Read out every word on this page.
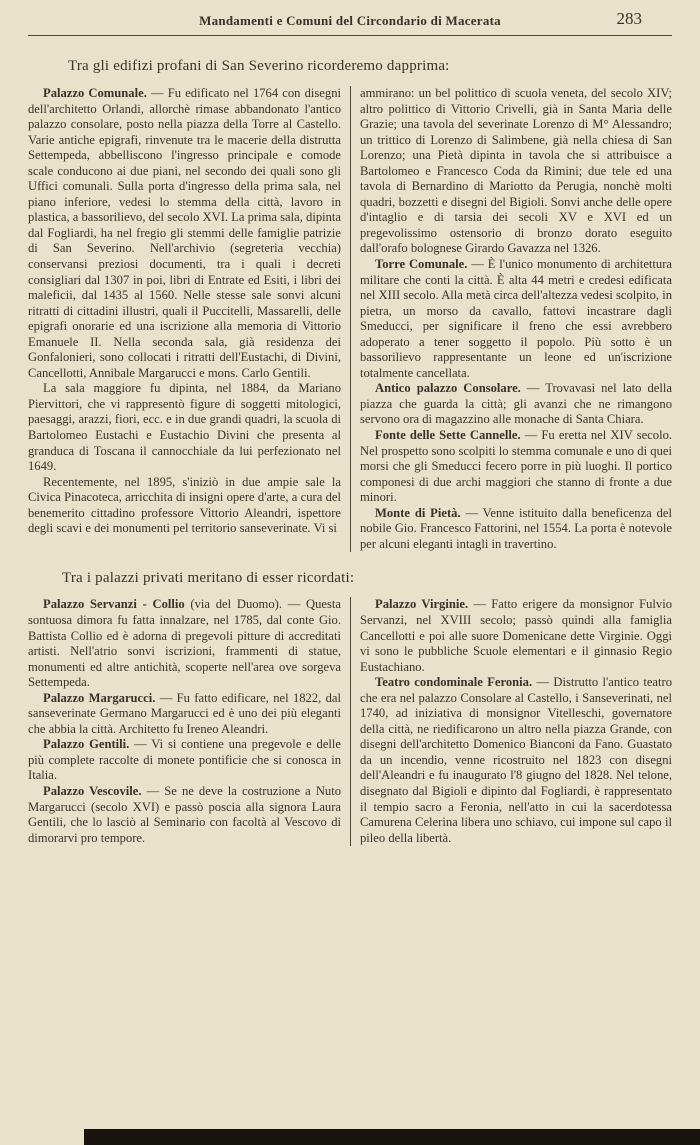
Mandamenti e Comuni del Circondario di Macerata	283
Tra gli edifizi profani di San Severino ricorderemo dapprima:

Palazzo Comunale. — Fu edificato nel 1764 con disegni dell'architetto Orlandi, allorchè rimase abbandonato l'antico palazzo consolare, posto nella piazza della Torre al Castello. Varie antiche epigrafi, rinvenute tra le macerie della distrutta Settempeda, abbelliscono l'ingresso principale e comode scale conducono ai due piani, nel secondo dei quali sono gli Uffici comunali. Sulla porta d'ingresso della prima sala, nel piano inferiore, vedesi lo stemma della città, lavoro in plastica, a bassorilievo, del secolo XVI. La prima sala, dipinta dal Fogliardi, ha nel fregio gli stemmi delle famiglie patrizie di San Severino. Nell'archivio (segreteria vecchia) conservansi preziosi documenti, tra i quali i decreti consigliari dal 1307 in poi, libri di Entrate ed Esiti, i libri dei maleficii, dal 1435 al 1560. Nelle stesse sale sonvi alcuni ritratti di cittadini illustri, quali il Puccitelli, Massarelli, delle epigrafi onorarie ed una iscrizione alla memoria di Vittorio Emanuele II. Nella seconda sala, già residenza dei Gonfalonieri, sono collocati i ritratti dell'Eustachi, di Divini, Cancellotti, Annibale Margarucci e mons. Carlo Gentili.

La sala maggiore fu dipinta, nel 1884, da Mariano Piervittori, che vi rappresentò figure di soggetti mitologici, paesaggi, arazzi, fiori, ecc. e in due grandi quadri, la scuola di Bartolomeo Eustachi e Eustachio Divini che presenta al granduca di Toscana il cannocchiale da lui perfezionato nel 1649.

Recentemente, nel 1895, s'iniziò in due ampie sale la Civica Pinacoteca, arricchita di insigni opere d'arte, a cura del benemerito cittadino professore Vittorio Aleandri, ispettore degli scavi e dei monumenti pel territorio sanseverinate. Vi si

ammirano: un bel polittico di scuola veneta, del secolo XIV; altro polittico di Vittorio Crivelli, già in Santa Maria delle Grazie; una tavola del severinate Lorenzo di M° Alessandro; un trittico di Lorenzo di Salimbene, già nella chiesa di San Lorenzo; una Pietà dipinta in tavola che si attribuisce a Bartolomeo e Francesco Coda da Rimini; due tele ed una tavola di Bernardino di Mariotto da Perugia, nonchè molti quadri, bozzetti e disegni del Bigioli. Sonvi anche delle opere d'intaglio e di tarsia dei secoli XV e XVI ed un pregevolissimo ostensorio di bronzo dorato eseguito dall'orafo bolognese Girardo Gavazza nel 1326.

Torre Comunale. — È l'unico monumento di architettura militare che conti la città. È alta 44 metri e credesi edificata nel XIII secolo. Alla metà circa dell'altezza vedesi scolpito, in pietra, un morso da cavallo, fattovi incastrare dagli Smeducci, per significare il freno che essi avrebbero adoperato a tener soggetto il popolo. Più sotto è un bassorilievo rappresentante un leone ed un'iscrizione totalmente cancellata.

Antico palazzo Consolare. — Trovavasi nel lato della piazza che guarda la città; gli avanzi che ne rimangono servono ora di magazzino alle monache di Santa Chiara.

Fonte delle Sette Cannelle. — Fu eretta nel XIV secolo. Nel prospetto sono scolpiti lo stemma comunale e uno di quei morsi che gli Smeducci fecero porre in più luoghi. Il portico componesi di due archi maggiori che stanno di fronte a due minori.

Monte di Pietà. — Venne istituito dalla beneficenza del nobile Gio. Francesco Fattorini, nel 1554. La porta è notevole per alcuni eleganti intagli in travertino.

Tra i palazzi privati meritano di esser ricordati:

Palazzo Servanzi - Collio (via del Duomo). — Questa sontuosa dimora fu fatta innalzare, nel 1785, dal conte Gio. Battista Collio ed è adorna di pregevoli pitture di accreditati artisti. Nell'atrio sonvi iscrizioni, frammenti di statue, monumenti ed altre antichità, scoperte nell'area ove sorgeva Settempeda.

Palazzo Margarucci. — Fu fatto edificare, nel 1822, dal sanseverinate Germano Margarucci ed è uno dei più eleganti che abbia la città. Architetto fu Ireneo Aleandri.

Palazzo Gentili. — Vi si contiene una pregevole e delle più complete raccolte di monete pontificie che si conosca in Italia.

Palazzo Vescovile. — Se ne deve la costruzione a Nuto Margarucci (secolo XVI) e passò poscia alla signora Laura Gentili, che lo lasciò al Seminario con facoltà al Vescovo di dimorarvi pro tempore.

Palazzo Virginie. — Fatto erigere da monsignor Fulvio Servanzi, nel XVIII secolo; passò quindi alla famiglia Cancellotti e poi alle suore Domenicane dette Virginie. Oggi vi sono le pubbliche Scuole elementari e il ginnasio Regio Eustachiano.

Teatro condominale Feronia. — Distrutto l'antico teatro che era nel palazzo Consolare al Castello, i Sanseverinati, nel 1740, ad iniziativa di monsignor Vitelleschi, governatore della città, ne riedificarono un altro nella piazza Grande, con disegni dell'architetto Domenico Bianconi da Fano. Guastato da un incendio, venne ricostruito nel 1823 con disegni dell'Aleandri e fu inaugurato l'8 giugno del 1828. Nel telone, disegnato dal Bigioli e dipinto dal Fogliardi, è rappresentato il tempio sacro a Feronia, nell'atto in cui la sacerdotessa Camurena Celerina libera uno schiavo, cui impone sul capo il pileo della libertà.
